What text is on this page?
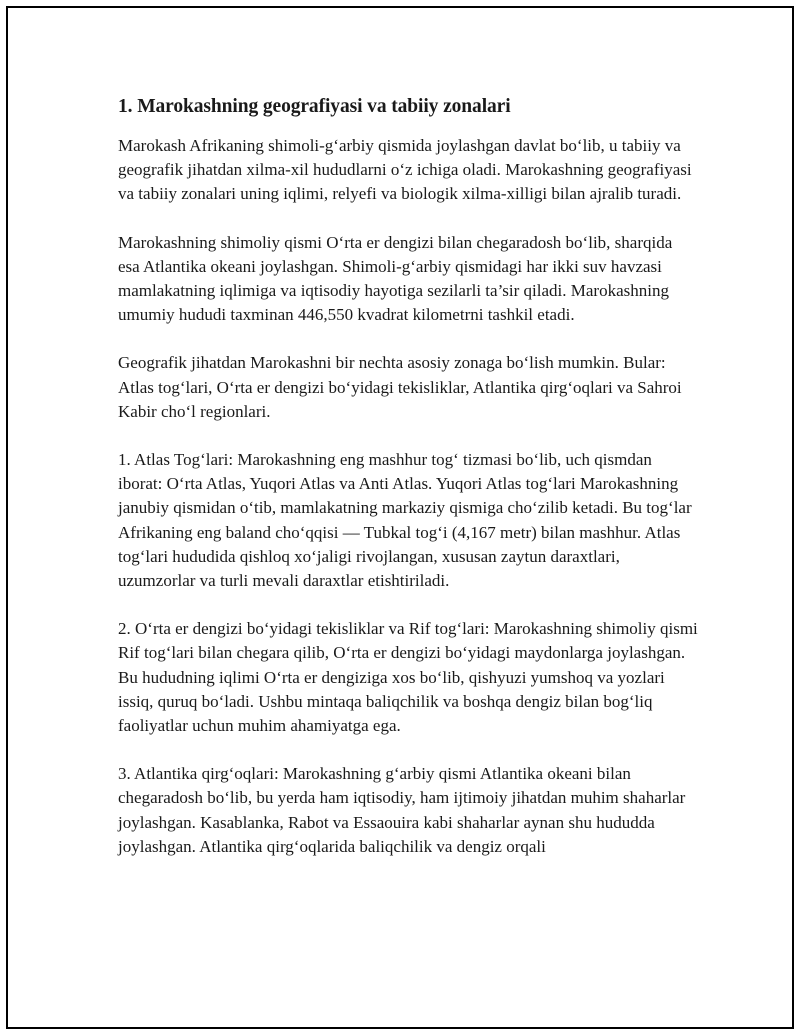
1. Marokashning geografiyasi va tabiiy zonalari

Marokash Afrikaning shimoli-g‘arbiy qismida joylashgan davlat bo‘lib, u tabiiy va geografik jihatdan xilma-xil hududlarni o‘z ichiga oladi. Marokashning geografiyasi va tabiiy zonalari uning iqlimi, relyefi va biologik xilma-xilligi bilan ajralib turadi.

Marokashning shimoliy qismi O‘rta er dengizi bilan chegaradosh bo‘lib, sharqida esa Atlantika okeani joylashgan. Shimoli-g‘arbiy qismidagi har ikki suv havzasi mamlakatning iqlimiga va iqtisodiy hayotiga sezilarli ta’sir qiladi. Marokashning umumiy hududi taxminan 446,550 kvadrat kilometrni tashkil etadi.

Geografik jihatdan Marokashni bir nechta asosiy zonaga bo‘lish mumkin. Bular: Atlas tog‘lari, O‘rta er dengizi bo‘yidagi tekisliklar, Atlantika qirg‘oqlari va Sahroi Kabir cho‘l regionlari.

1. Atlas Tog‘lari: Marokashning eng mashhur tog‘ tizmasi bo‘lib, uch qismdan iborat: O‘rta Atlas, Yuqori Atlas va Anti Atlas. Yuqori Atlas tog‘lari Marokashning janubiy qismidan o‘tib, mamlakatning markaziy qismiga cho‘zilib ketadi. Bu tog‘lar Afrikaning eng baland cho‘qqisi — Tubkal tog‘i (4,167 metr) bilan mashhur. Atlas tog‘lari hududida qishloq xo‘jaligi rivojlangan, xususan zaytun daraxtlari, uzumzorlar va turli mevali daraxtlar etishtiriladi.

2. O‘rta er dengizi bo‘yidagi tekisliklar va Rif tog‘lari: Marokashning shimoliy qismi Rif tog‘lari bilan chegara qilib, O‘rta er dengizi bo‘yidagi maydonlarga joylashgan. Bu hududning iqlimi O‘rta er dengiziga xos bo‘lib, qishyuzi yumshoq va yozlari issiq, quruq bo‘ladi. Ushbu mintaqa baliqchilik va boshqa dengiz bilan bog‘liq faoliyatlar uchun muhim ahamiyatga ega.

3. Atlantika qirg‘oqlari: Marokashning g‘arbiy qismi Atlantika okeani bilan chegaradosh bo‘lib, bu yerda ham iqtisodiy, ham ijtimoiy jihatdan muhim shaharlar joylashgan. Kasablanka, Rabot va Essaouira kabi shaharlar aynan shu hududda joylashgan. Atlantika qirg‘oqlarida baliqchilik va dengiz orqali
